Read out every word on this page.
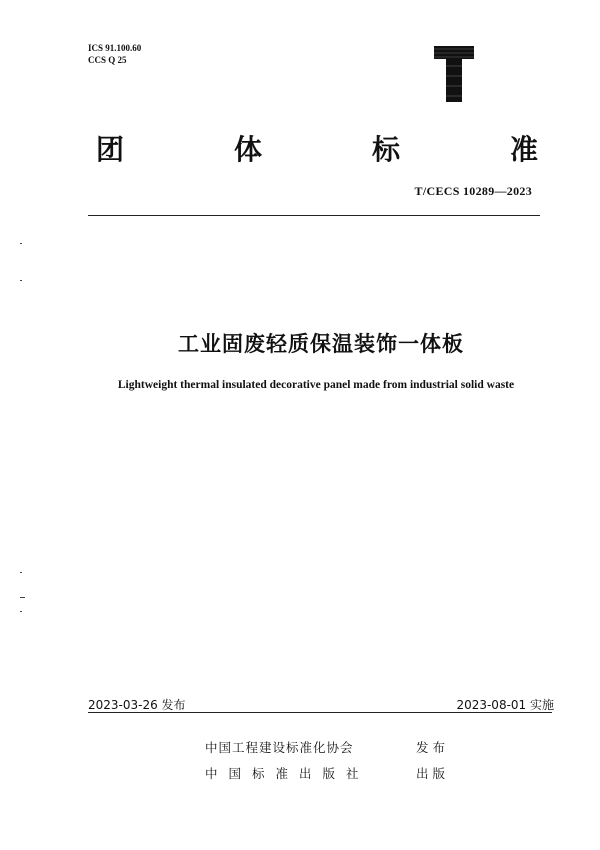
ICS 91.100.60
CCS Q 25
团	体	标	准
T/CECS 10289—2023
工业固废轻质保温装饰一体板
Lightweight thermal insulated decorative panel made from industrial solid waste
2023-03-26 发布	2023-08-01 实施
中国工程建设标准化协会	发 布
中国标准出版社	出 版
